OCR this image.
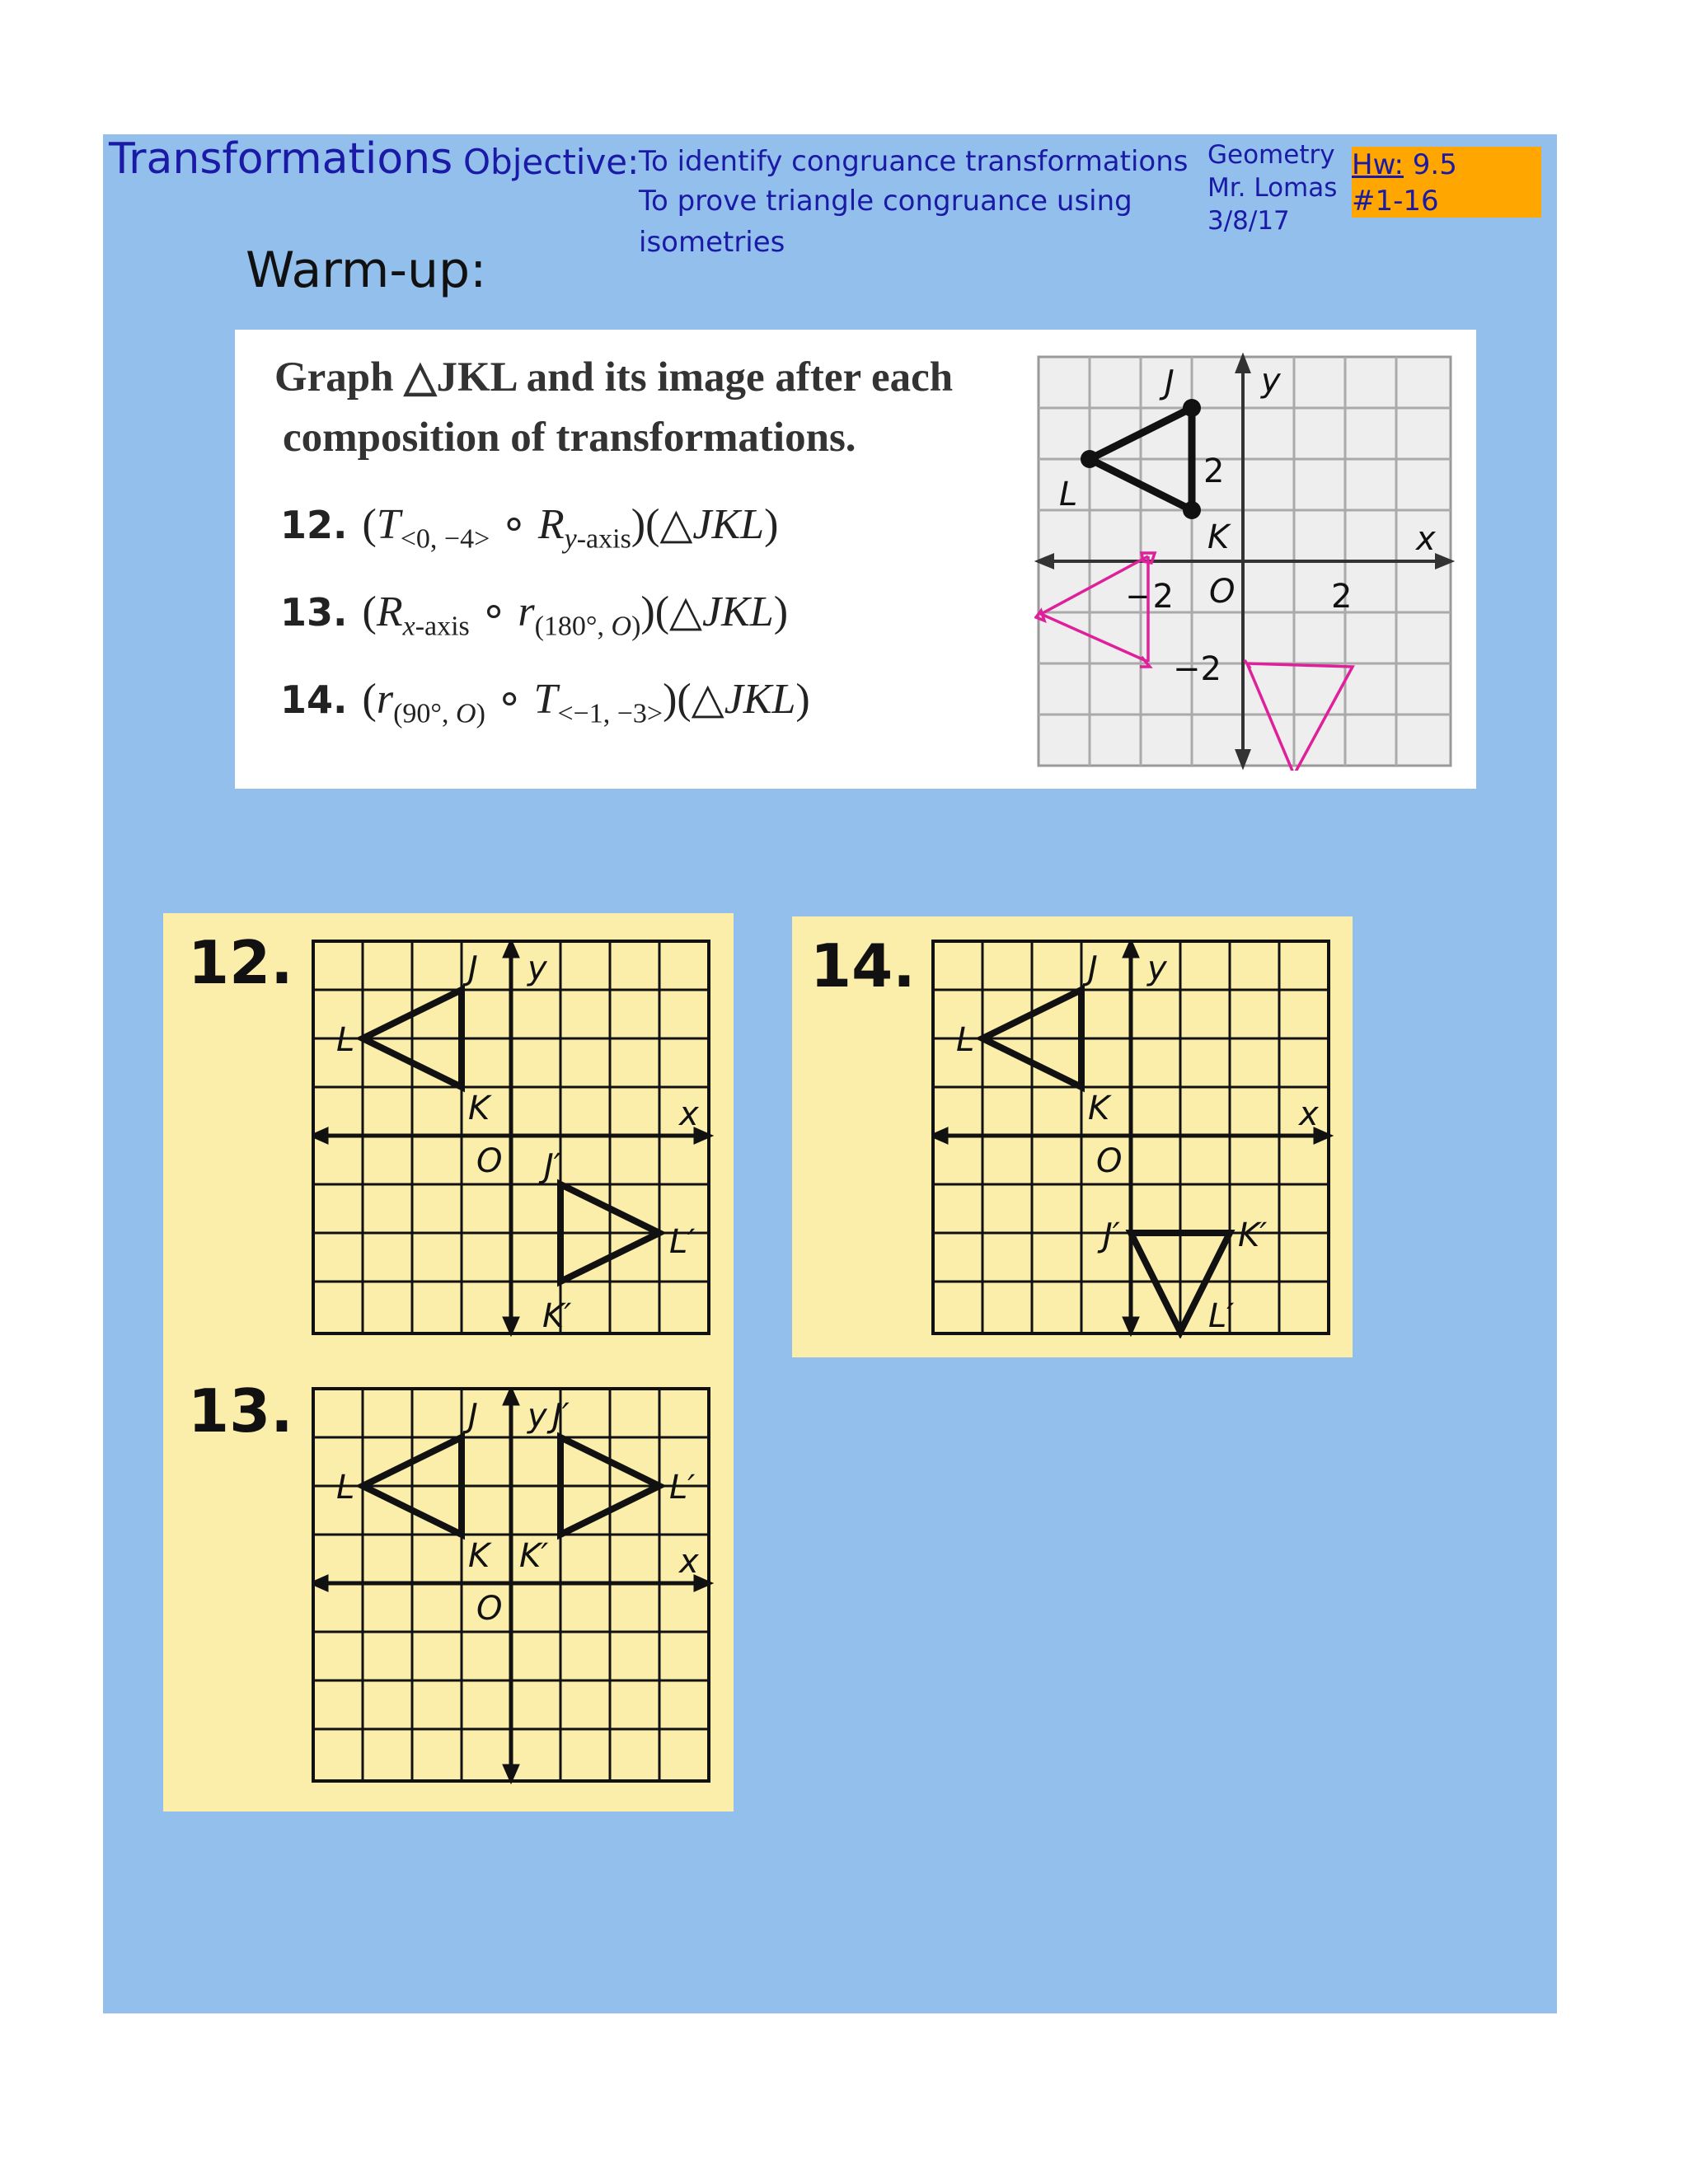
Transformations Objective: To identify congruance transformations
To prove triangle congruance using
isometries
Geometry
Mr. Lomas
3/8/17
Hw: 9.5
#1-16
Warm-up:
Graph △JKL and its image after each
composition of transformations.
12. ($T_{<0, -4>}$ ∘ $R_{y-axis})(\triangle JKL)$
13. ($R_{x-axis}$ ∘ $r_{(180^\circ, O)})(\triangle JKL)$
14. ($r_{(90^\circ, O)}$ ∘ $T_{<-1, -3>})(\triangle JKL)$
J
L
K
O
x
y
2
2
−2
−2
12.
13.
14.
J y
L
K	x
O J′
L′
K′
J y J′
L	L′
K K′	x
O
J y
L
K	x
O
J′	K′
L′
